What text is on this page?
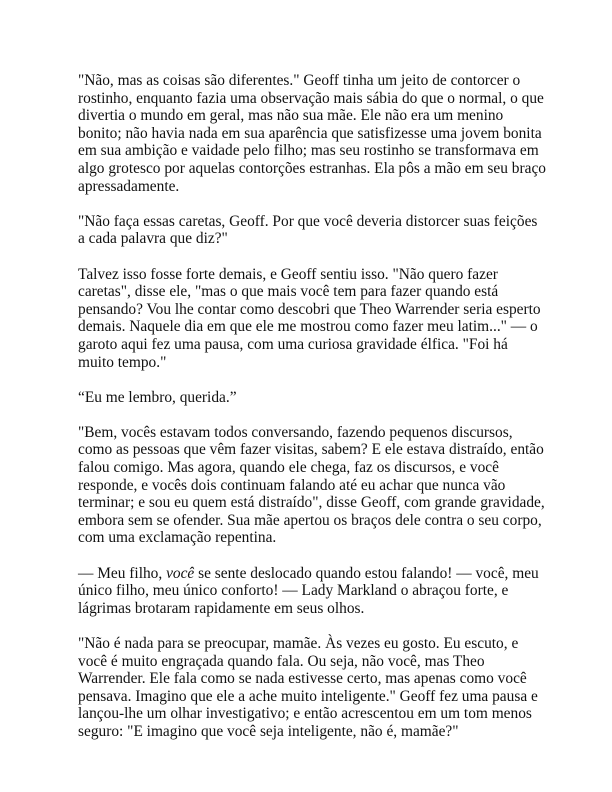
"Não, mas as coisas são diferentes." Geoff tinha um jeito de contorcer o rostinho, enquanto fazia uma observação mais sábia do que o normal, o que divertia o mundo em geral, mas não sua mãe. Ele não era um menino bonito; não havia nada em sua aparência que satisfizesse uma jovem bonita em sua ambição e vaidade pelo filho; mas seu rostinho se transformava em algo grotesco por aquelas contorções estranhas. Ela pôs a mão em seu braço apressadamente.

"Não faça essas caretas, Geoff. Por que você deveria distorcer suas feições a cada palavra que diz?"

Talvez isso fosse forte demais, e Geoff sentiu isso. "Não quero fazer caretas", disse ele, "mas o que mais você tem para fazer quando está pensando? Vou lhe contar como descobri que Theo Warrender seria esperto demais. Naquele dia em que ele me mostrou como fazer meu latim..." — o garoto aqui fez uma pausa, com uma curiosa gravidade élfica. "Foi há muito tempo."

“Eu me lembro, querida.”

"Bem, vocês estavam todos conversando, fazendo pequenos discursos, como as pessoas que vêm fazer visitas, sabem? E ele estava distraído, então falou comigo. Mas agora, quando ele chega, faz os discursos, e você responde, e vocês dois continuam falando até eu achar que nunca vão terminar; e sou eu quem está distraído", disse Geoff, com grande gravidade, embora sem se ofender. Sua mãe apertou os braços dele contra o seu corpo, com uma exclamação repentina.

— Meu filho, você se sente deslocado quando estou falando! — você, meu único filho, meu único conforto! — Lady Markland o abraçou forte, e lágrimas brotaram rapidamente em seus olhos.

"Não é nada para se preocupar, mamãe. Às vezes eu gosto. Eu escuto, e você é muito engraçada quando fala. Ou seja, não você, mas Theo Warrender. Ele fala como se nada estivesse certo, mas apenas como você pensava. Imagino que ele a ache muito inteligente." Geoff fez uma pausa e lançou-lhe um olhar investigativo; e então acrescentou em um tom menos seguro: "E imagino que você seja inteligente, não é, mamãe?"
